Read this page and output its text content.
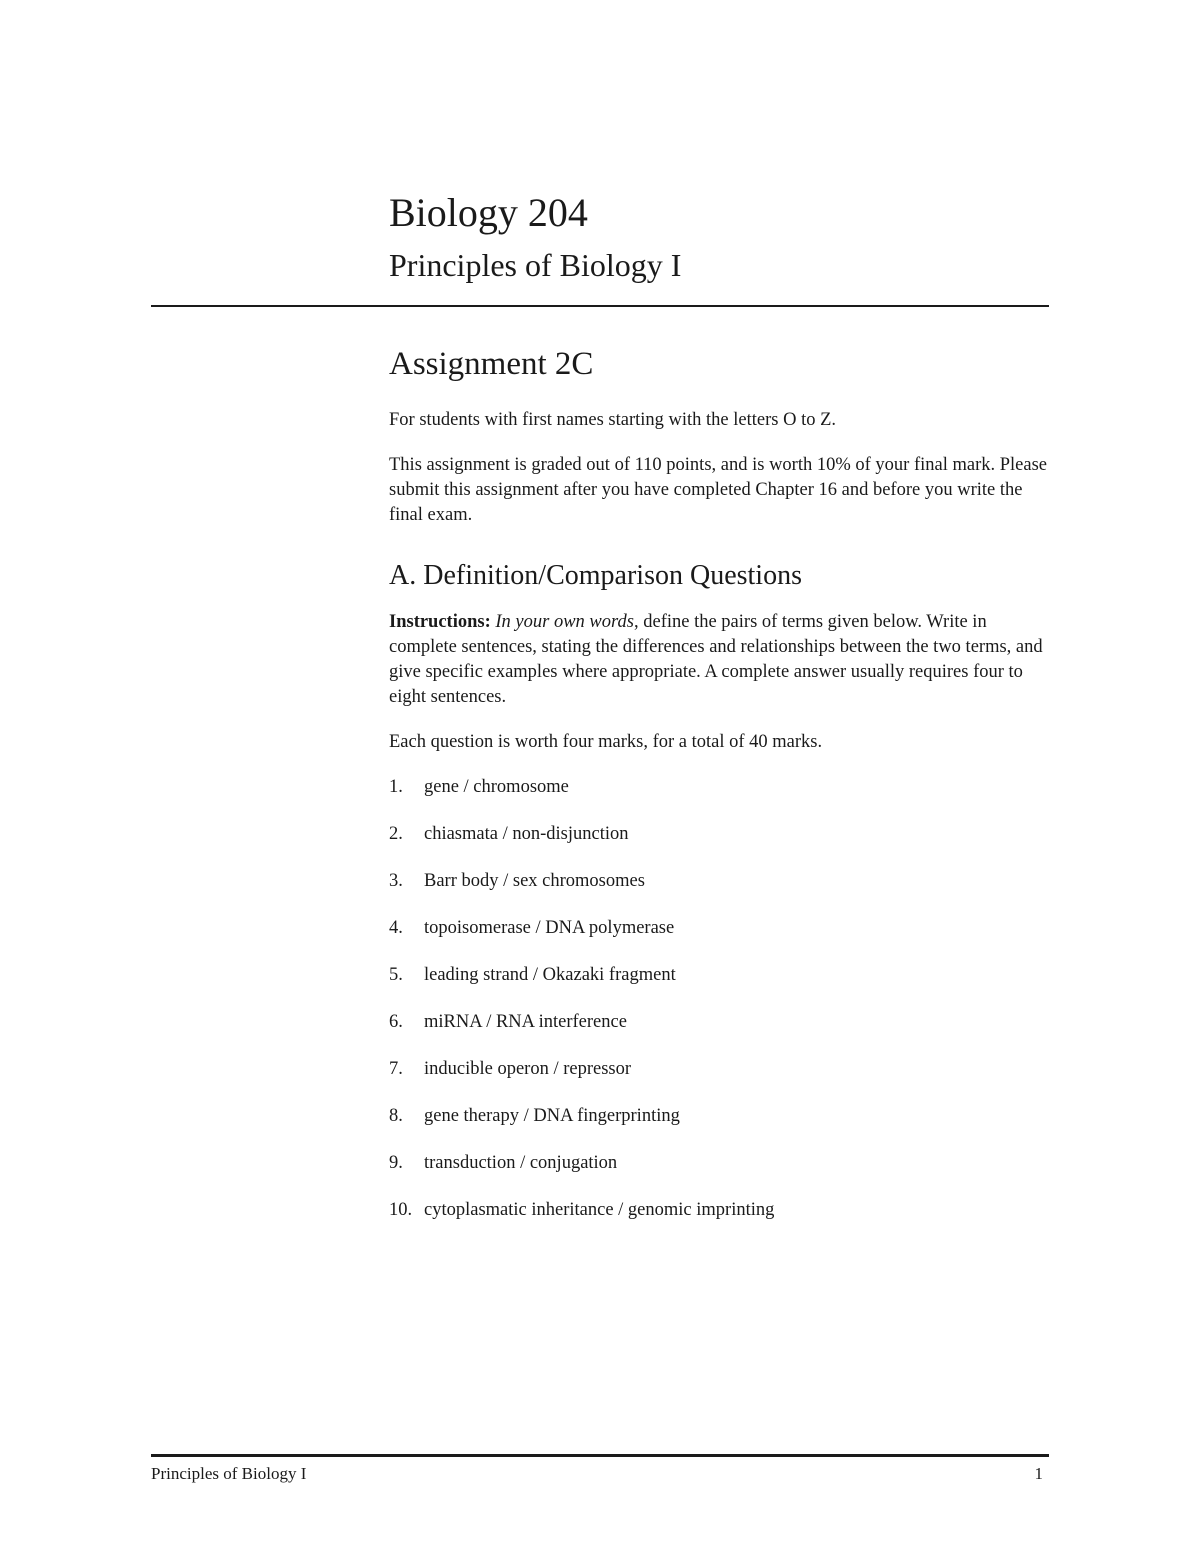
Biology 204
Principles of Biology I
Assignment 2C

For students with first names starting with the letters O to Z.

This assignment is graded out of 110 points, and is worth 10% of your final mark. Please submit this assignment after you have completed Chapter 16 and before you write the final exam.

A. Definition/Comparison Questions

Instructions: In your own words, define the pairs of terms given below. Write in complete sentences, stating the differences and relationships between the two terms, and give specific examples where appropriate. A complete answer usually requires four to eight sentences.

Each question is worth four marks, for a total of 40 marks.

1.	gene / chromosome
2.	chiasmata / non-disjunction
3.	Barr body / sex chromosomes
4.	topoisomerase / DNA polymerase
5.	leading strand / Okazaki fragment
6.	miRNA / RNA interference
7.	inducible operon / repressor
8.	gene therapy / DNA fingerprinting
9.	transduction / conjugation
10. cytoplasmatic inheritance / genomic imprinting
Principles of Biology I	1
